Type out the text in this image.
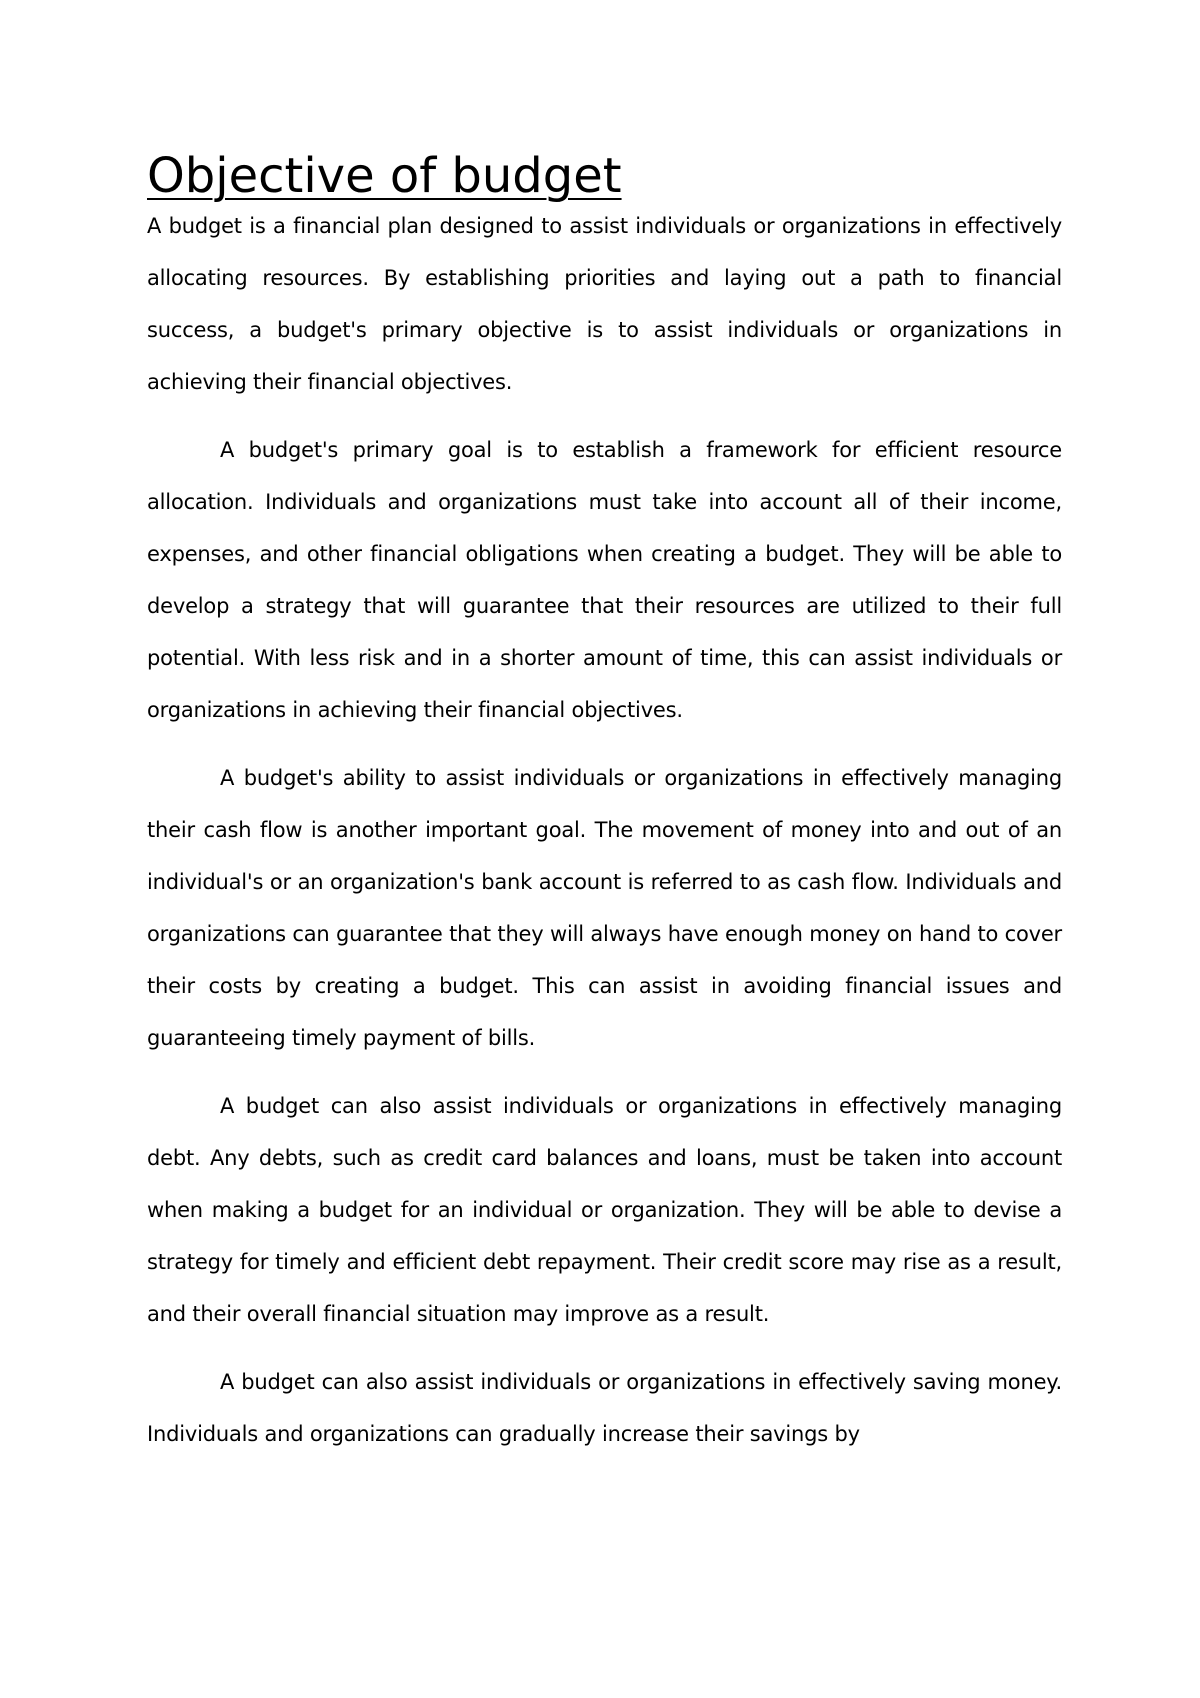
Objective of budget

A budget is a financial plan designed to assist individuals or organizations in effectively allocating resources. By establishing priorities and laying out a path to financial success, a budget's primary objective is to assist individuals or organizations in achieving their financial objectives.

A budget's primary goal is to establish a framework for efficient resource allocation. Individuals and organizations must take into account all of their income, expenses, and other financial obligations when creating a budget. They will be able to develop a strategy that will guarantee that their resources are utilized to their full potential. With less risk and in a shorter amount of time, this can assist individuals or organizations in achieving their financial objectives.

A budget's ability to assist individuals or organizations in effectively managing their cash flow is another important goal. The movement of money into and out of an individual's or an organization's bank account is referred to as cash flow. Individuals and organizations can guarantee that they will always have enough money on hand to cover their costs by creating a budget. This can assist in avoiding financial issues and guaranteeing timely payment of bills.

A budget can also assist individuals or organizations in effectively managing debt. Any debts, such as credit card balances and loans, must be taken into account when making a budget for an individual or organization. They will be able to devise a strategy for timely and efficient debt repayment. Their credit score may rise as a result, and their overall financial situation may improve as a result.

A budget can also assist individuals or organizations in effectively saving money. Individuals and organizations can gradually increase their savings by
